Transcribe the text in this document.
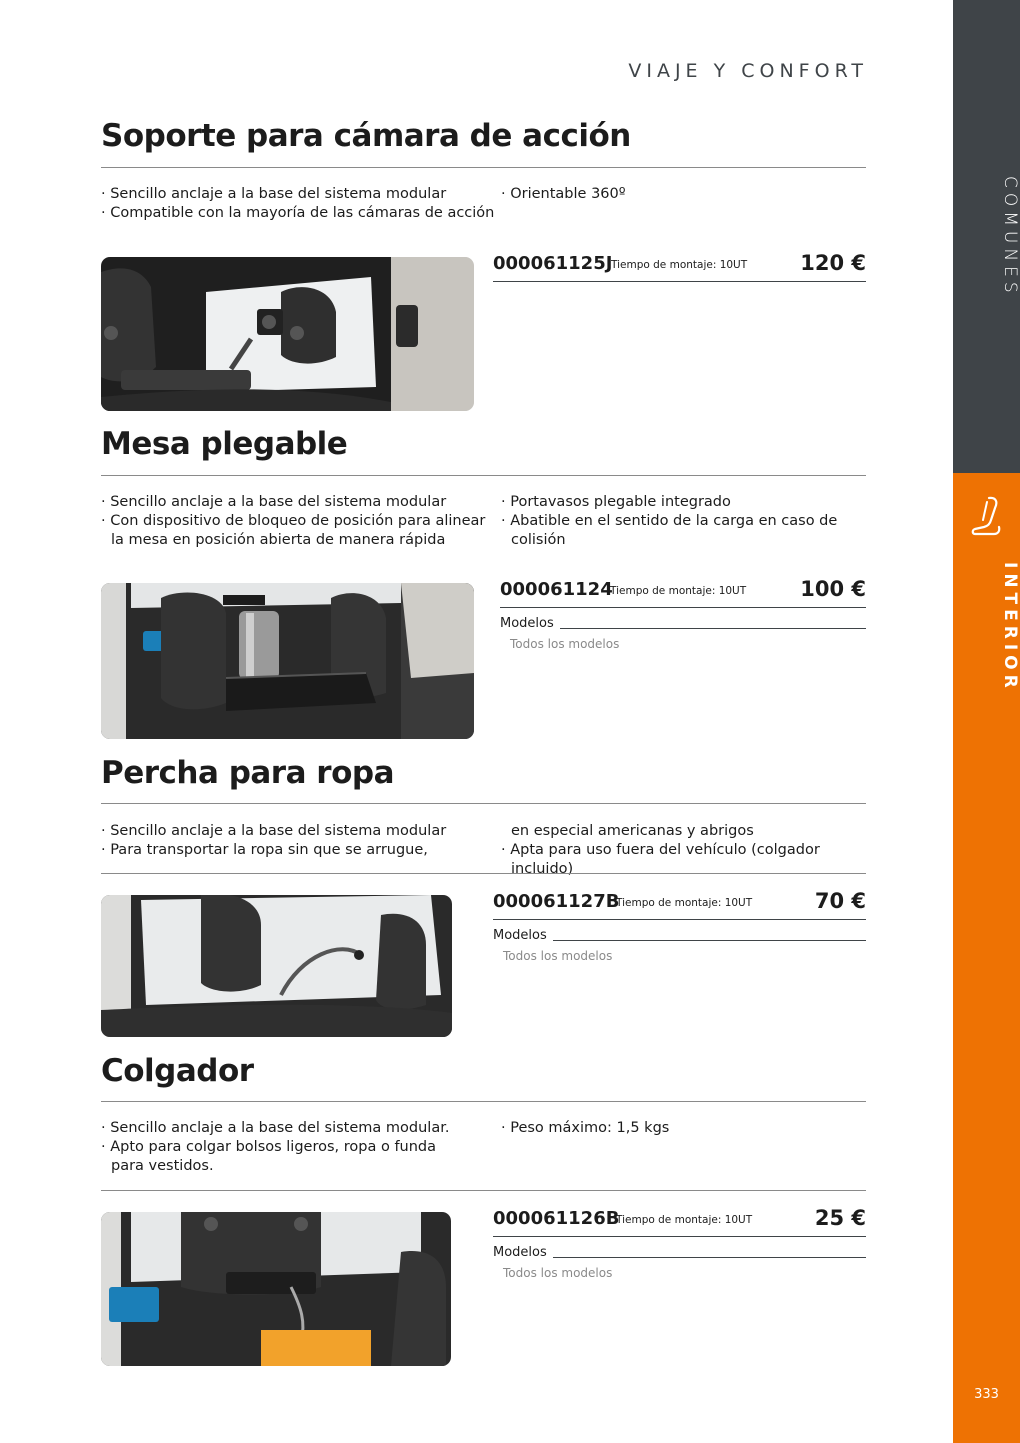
COMUNES
INTERIOR
333
VIAJE Y CONFORT
Soporte para cámara de acción
· Sencillo anclaje a la base del sistema modular
· Compatible con la mayoría de las cámaras de acción
· Orientable 360º
000061125J
Tiempo de montaje: 10UT	120 €
Mesa plegable
· Sencillo anclaje a la base del sistema modular
· Con dispositivo de bloqueo de posición para alinear
la mesa en posición abierta de manera rápida
· Portavasos plegable integrado
· Abatible en el sentido de la carga en caso de colisión
000061124
Tiempo de montaje: 10UT	100 €
Modelos
Todos los modelos
Percha para ropa
· Sencillo anclaje a la base del sistema modular
· Para transportar la ropa sin que se arrugue,
en especial americanas y abrigos
· Apta para uso fuera del vehículo (colgador incluido)
000061127B
Tiempo de montaje: 10UT	70 €
Modelos
Todos los modelos
Colgador
· Sencillo anclaje a la base del sistema modular.
· Apto para colgar bolsos ligeros, ropa o funda
para vestidos.
· Peso máximo: 1,5 kgs
000061126B
Tiempo de montaje: 10UT	25 €
Modelos
Todos los modelos
